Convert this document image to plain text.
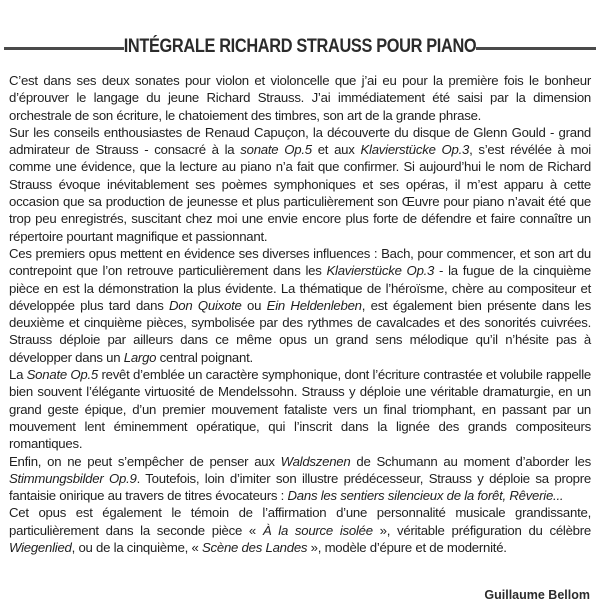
INTÉGRALE RICHARD STRAUSS POUR PIANO

C’est dans ses deux sonates pour violon et violoncelle que j’ai eu pour la première fois le bonheur d’éprouver le langage du jeune Richard Strauss. J’ai immédiatement été saisi par la dimension orchestrale de son écriture, le chatoiement des timbres, son art de la grande phrase.

Sur les conseils enthousiastes de Renaud Capuçon, la découverte du disque de Glenn Gould - grand admirateur de Strauss - consacré à la sonate Op.5 et aux Klavierstücke Op.3, s’est révélée à moi comme une évidence, que la lecture au piano n’a fait que confirmer. Si aujourd’hui le nom de Richard Strauss évoque inévitablement ses poèmes symphoniques et ses opéras, il m’est apparu à cette occasion que sa production de jeunesse et plus particulièrement son Œuvre pour piano n’avait été que trop peu enregistrés, suscitant chez moi une envie encore plus forte de défendre et faire connaître un répertoire pourtant magnifique et passionnant.

Ces premiers opus mettent en évidence ses diverses influences : Bach, pour commencer, et son art du contrepoint que l’on retrouve particulièrement dans les Klavierstücke Op.3 - la fugue de la cinquième pièce en est la démonstration la plus évidente. La thématique de l’héroïsme, chère au compositeur et développée plus tard dans Don Quixote ou Ein Heldenleben, est également bien présente dans les deuxième et cinquième pièces, symbolisée par des rythmes de cavalcades et des sonorités cuivrées. Strauss déploie par ailleurs dans ce même opus un grand sens mélodique qu’il n’hésite pas à développer dans un Largo central poignant.

La Sonate Op.5 revêt d’emblée un caractère symphonique, dont l’écriture contrastée et volubile rappelle bien souvent l’élégante virtuosité de Mendelssohn. Strauss y déploie une véritable dramaturgie, en un grand geste épique, d’un premier mouvement fataliste vers un final triomphant, en passant par un mouvement lent éminemment opératique, qui l’inscrit dans la lignée des grands compositeurs romantiques.

Enfin, on ne peut s’empêcher de penser aux Waldszenen de Schumann au moment d’aborder les Stimmungsbilder Op.9. Toutefois, loin d’imiter son illustre prédécesseur, Strauss y déploie sa propre fantaisie onirique au travers de titres évocateurs : Dans les sentiers silencieux de la forêt, Rêverie...

Cet opus est également le témoin de l’affirmation d’une personnalité musicale grandissante, particulièrement dans la seconde pièce « À la source isolée », véritable préfiguration du célèbre Wiegenlied, ou de la cinquième, « Scène des Landes », modèle d’épure et de modernité.

Guillaume Bellom
